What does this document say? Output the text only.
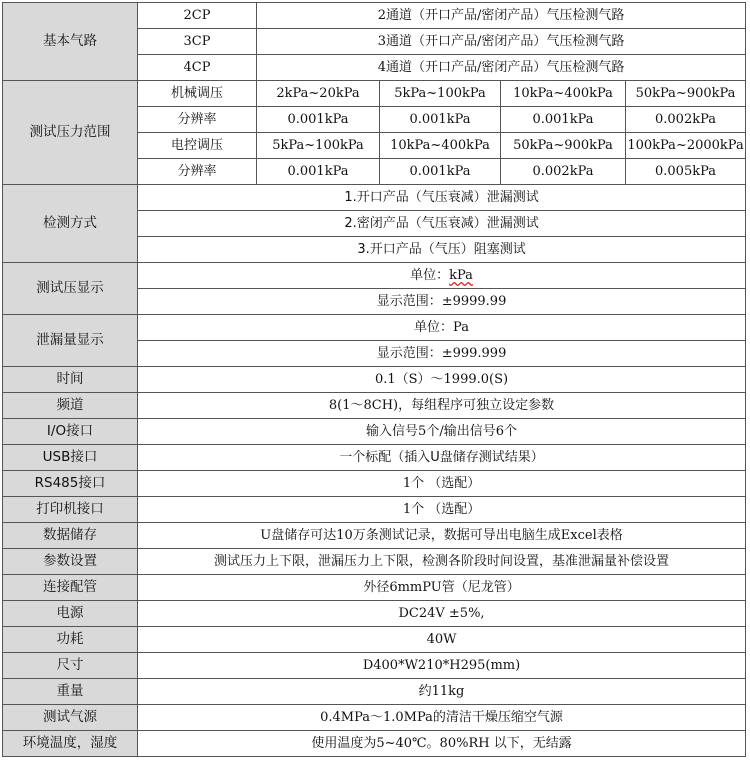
基本气路	2CP	2通道（开口产品/密闭产品）气压检测气路			
	3CP	3通道（开口产品/密闭产品）气压检测气路			
	4CP	4通道（开口产品/密闭产品）气压检测气路			
测试压力范围	机械调压	2kPa~20kPa	5kPa~100kPa	10kPa~400kPa	50kPa~900kPa
	分辨率	0.001kPa	0.001kPa	0.001kPa	0.002kPa
	电控调压	5kPa~100kPa	10kPa~400kPa	50kPa~900kPa	100kPa~2000kPa
	分辨率	0.001kPa	0.001kPa	0.002kPa	0.005kPa
检测方式	1.开口产品（气压衰减）泄漏测试				
	2.密闭产品（气压衰减）泄漏测试				
	3.开口产品（气压）阻塞测试				
测试压显示	单位：kPa				
	显示范围：±9999.99				
泄漏量显示	单位：Pa				
	显示范围：±999.999				
时间	0.1（S）～1999.0(S)				
频道	8(1～8CH)，每组程序可独立设定参数				
I/O接口	输入信号5个/输出信号6个				
USB接口	一个标配（插入U盘储存测试结果）				
RS485接口	1个 （选配）				
打印机接口	1个 （选配）				
数据储存	U盘储存可达10万条测试记录，数据可导出电脑生成Excel表格				
参数设置	测试压力上下限，泄漏压力上下限，检测各阶段时间设置，基准泄漏量补偿设置				
连接配管	外径6mmPU管（尼龙管）				
电源	DC24V ±5%,				
功耗	40W				
尺寸	D400*W210*H295(mm)				
重量	约11kg				
测试气源	0.4MPa～1.0MPa的清洁干燥压缩空气源				
环境温度，湿度	使用温度为5~40℃。80%RH 以下，无结露				
